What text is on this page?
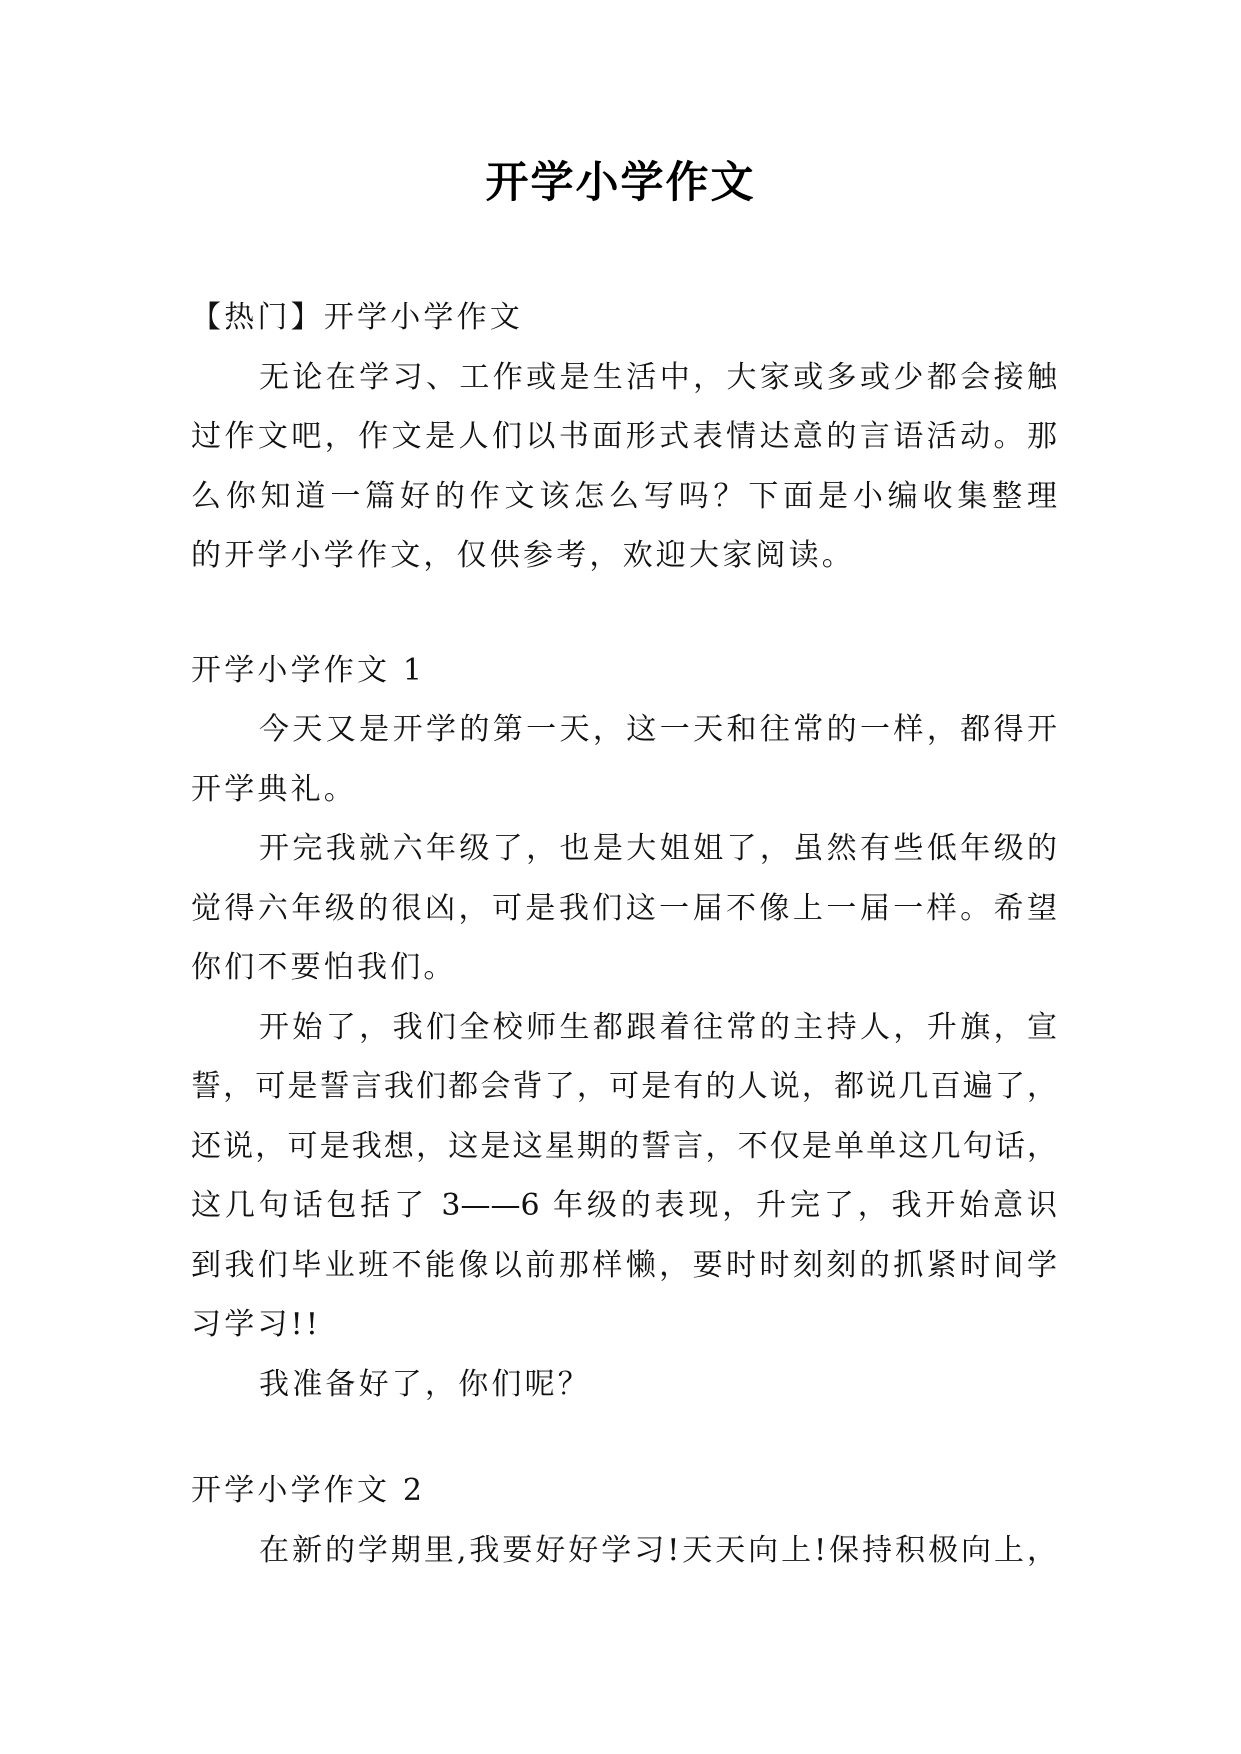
开学小学作文
【热门】开学小学作文
无论在学习、工作或是生活中，大家或多或少都会接触
过作文吧，作文是人们以书面形式表情达意的言语活动。那
么你知道一篇好的作文该怎么写吗？下面是小编收集整理
的开学小学作文，仅供参考，欢迎大家阅读。
开学小学作文 1
今天又是开学的第一天，这一天和往常的一样，都得开
开学典礼。
开完我就六年级了，也是大姐姐了，虽然有些低年级的
觉得六年级的很凶，可是我们这一届不像上一届一样。希望
你们不要怕我们。
开始了，我们全校师生都跟着往常的主持人，升旗，宣
誓，可是誓言我们都会背了，可是有的人说，都说几百遍了，
还说，可是我想，这是这星期的誓言，不仅是单单这几句话，
这几句话包括了 3——6 年级的表现，升完了，我开始意识
到我们毕业班不能像以前那样懒，要时时刻刻的抓紧时间学
习学习!!
我准备好了，你们呢？
开学小学作文 2
在新的学期里,我要好好学习!天天向上!保持积极向上，
